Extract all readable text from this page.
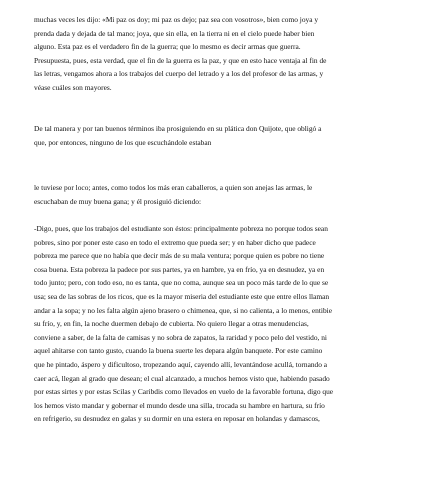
muchas veces les dijo: «Mi paz os doy; mi paz os dejo; paz sea con vosotros», bien como joya y
prenda dada y dejada de tal mano; joya, que sin ella, en la tierra ni en el cielo puede haber bien
alguno. Esta paz es el verdadero fin de la guerra; que lo mesmo es decir armas que guerra.
Presupuesta, pues, esta verdad, que el fin de la guerra es la paz, y que en esto hace ventaja al fin de
las letras, vengamos ahora a los trabajos del cuerpo del letrado y a los del profesor de las armas, y
véase cuáles son mayores.

De tal manera y por tan buenos términos iba prosiguiendo en su plática don Quijote, que obligó a
que, por entonces, ninguno de los que escuchándole estaban

le tuviese por loco; antes, como todos los más eran caballeros, a quien son anejas las armas, le
escuchaban de muy buena gana; y él prosiguió diciendo:

-Digo, pues, que los trabajos del estudiante son éstos: principalmente pobreza no porque todos sean
pobres, sino por poner este caso en todo el extremo que pueda ser; y en haber dicho que padece
pobreza me parece que no había que decir más de su mala ventura; porque quien es pobre no tiene
cosa buena. Esta pobreza la padece por sus partes, ya en hambre, ya en frío, ya en desnudez, ya en
todo junto; pero, con todo eso, no es tanta, que no coma, aunque sea un poco más tarde de lo que se
usa; sea de las sobras de los ricos, que es la mayor miseria del estudiante este que entre ellos llaman
andar a la sopa; y no les falta algún ajeno brasero o chimenea, que, si no calienta, a lo menos, entibie
su frío, y, en fin, la noche duermen debajo de cubierta. No quiero llegar a otras menudencias,
conviene a saber, de la falta de camisas y no sobra de zapatos, la raridad y poco pelo del vestido, ni
aquel ahitarse con tanto gusto, cuando la buena suerte les depara algún banquete. Por este camino
que he pintado, áspero y dificultoso, tropezando aquí, cayendo allí, levantándose acullá, tornando a
caer acá, llegan al grado que desean; el cual alcanzado, a muchos hemos visto que, habiendo pasado
por estas sirtes y por estas Scilas y Caribdis como llevados en vuelo de la favorable fortuna, digo que
los hemos visto mandar y gobernar el mundo desde una silla, trocada su hambre en hartura, su frío
en refrigerio, su desnudez en galas y su dormir en una estera en reposar en holandas y damascos,
